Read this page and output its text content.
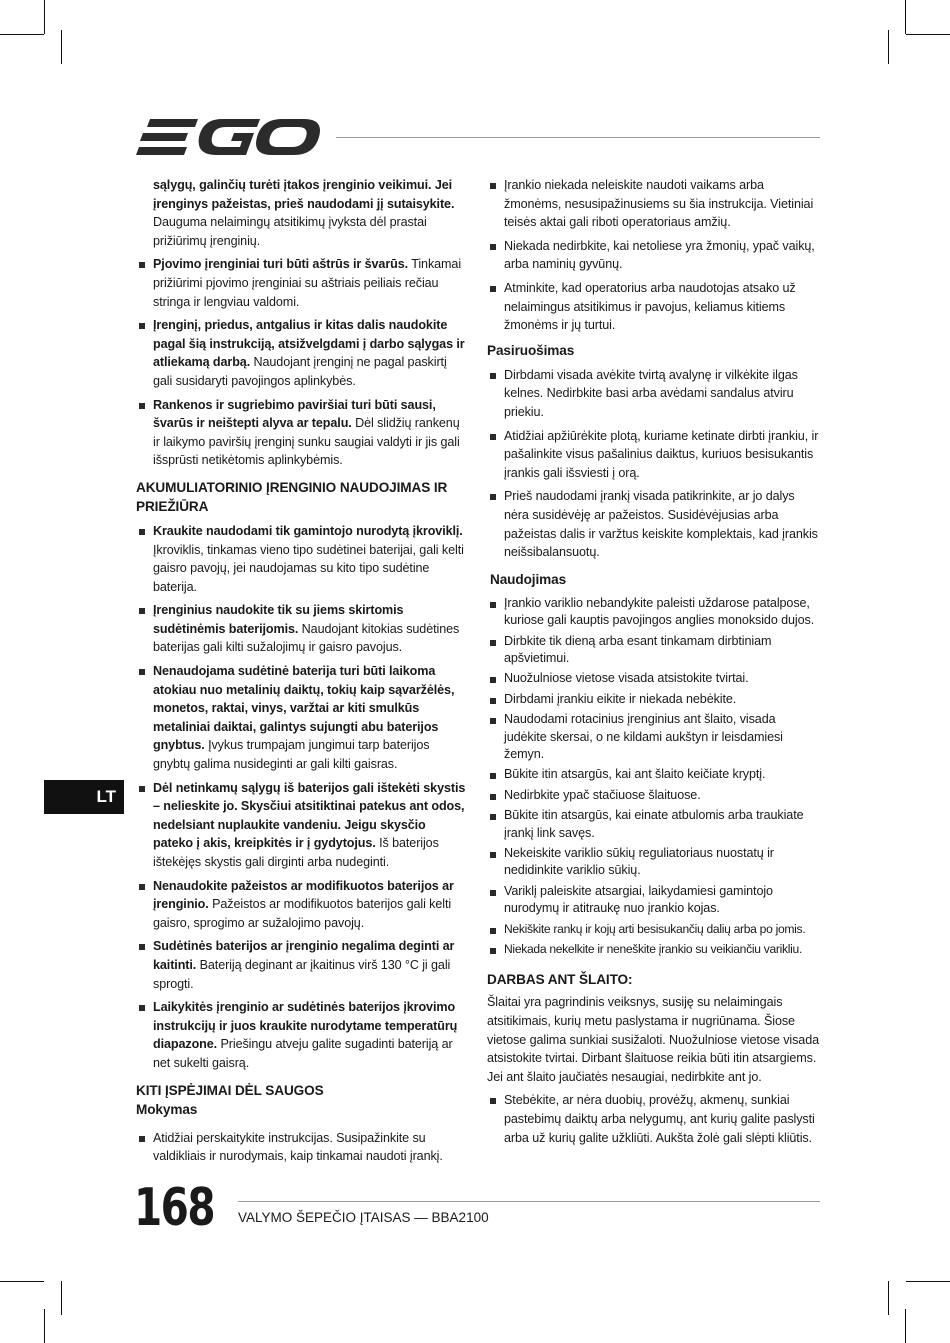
sąlygų, galinčių turėti įtakos įrenginio veikimui. Jei įrenginys pažeistas, prieš naudodami jį sutaisykite. Dauguma nelaimingų atsitikimų įvyksta dėl prastai prižiūrimų įrenginių.
Pjovimo įrenginiai turi būti aštrūs ir švarūs. Tinkamai prižiūrimi pjovimo įrenginiai su aštriais peiliais rečiau stringa ir lengviau valdomi.
Įrenginį, priedus, antgalius ir kitas dalis naudokite pagal šią instrukciją, atsižvelgdami į darbo sąlygas ir atliekamą darbą. Naudojant įrenginį ne pagal paskirtį gali susidaryti pavojingos aplinkybės.
Rankenos ir sugriebimo paviršiai turi būti sausi, švarūs ir neištepti alyva ar tepalu. Dėl slidžių rankenų ir laikymo paviršių įrenginį sunku saugiai valdyti ir jis gali išsprūsti netikėtomis aplinkybėmis.
AKUMULIATORINIO ĮRENGINIO NAUDOJIMAS IR PRIEŽIŪRA
Kraukite naudodami tik gamintojo nurodytą įkroviklį. Įkroviklis, tinkamas vieno tipo sudėtinei baterijai, gali kelti gaisro pavojų, jei naudojamas su kito tipo sudėtine baterija.
Įrenginius naudokite tik su jiems skirtomis sudėtinėmis baterijomis. Naudojant kitokias sudėtines baterijas gali kilti sužalojimų ir gaisro pavojus.
Nenaudojama sudėtinė baterija turi būti laikoma atokiau nuo metalinių daiktų, tokių kaip sąvaržėlės, monetos, raktai, vinys, varžtai ar kiti smulkūs metaliniai daiktai, galintys sujungti abu baterijos gnybtus. Įvykus trumpajam jungimui tarp baterijos gnybtų galima nusideginti ar gali kilti gaisras.
Dėl netinkamų sąlygų iš baterijos gali ištekėti skystis – nelieskite jo. Skysčiui atsitiktinai patekus ant odos, nedelsiant nuplaukite vandeniu. Jeigu skysčio pateko į akis, kreipkitės ir į gydytojus. Iš baterijos ištekėjęs skystis gali dirginti arba nudeginti.
Nenaudokite pažeistos ar modifikuotos baterijos ar įrenginio. Pažeistos ar modifikuotos baterijos gali kelti gaisro, sprogimo ar sužalojimo pavojų.
Sudėtinės baterijos ar įrenginio negalima deginti ar kaitinti. Bateriją deginant ar įkaitinus virš 130 °C ji gali sprogti.
Laikykitės įrenginio ar sudėtinės baterijos įkrovimo instrukcijų ir juos kraukite nurodytame temperatūrų diapazone. Priešingu atveju galite sugadinti bateriją ar net sukelti gaisrą.
KITI ĮSPĖJIMAI DĖL SAUGOS
Mokymas
Atidžiai perskaitykite instrukcijas. Susipažinkite su valdikliais ir nurodymais, kaip tinkamai naudoti įrankį.
Įrankio niekada neleiskite naudoti vaikams arba žmonėms, nesusipažinusiems su šia instrukcija. Vietiniai teisės aktai gali riboti operatoriaus amžių.
Niekada nedirbkite, kai netoliese yra žmonių, ypač vaikų, arba naminių gyvūnų.
Atminkite, kad operatorius arba naudotojas atsako už nelaimingus atsitikimus ir pavojus, keliamus kitiems žmonėms ir jų turtui.
Pasiruošimas
Dirbdami visada avėkite tvirtą avalynę ir vilkėkite ilgas kelnes. Nedirbkite basi arba avėdami sandalus atviru priekiu.
Atidžiai apžiūrėkite plotą, kuriame ketinate dirbti įrankiu, ir pašalinkite visus pašalinius daiktus, kuriuos besisukantis įrankis gali išsviesti į orą.
Prieš naudodami įrankį visada patikrinkite, ar jo dalys nėra susidėvėję ar pažeistos. Susidėvėjusias arba pažeistas dalis ir varžtus keiskite komplektais, kad įrankis neišsibalansuotų.
Naudojimas
Įrankio variklio nebandykite paleisti uždarose patalpose, kuriose gali kauptis pavojingos anglies monoksido dujos.
Dirbkite tik dieną arba esant tinkamam dirbtiniam apšvietimui.
Nuožulniose vietose visada atsistokite tvirtai.
Dirbdami įrankiu eikite ir niekada nebėkite.
Naudodami rotacinius įrenginius ant šlaito, visada judėkite skersai, o ne kildami aukštyn ir leisdamiesi žemyn.
Būkite itin atsargūs, kai ant šlaito keičiate kryptį.
Nedirbkite ypač stačiuose šlaituose.
Būkite itin atsargūs, kai einate atbulomis arba traukiate įrankį link savęs.
Nekeiskite variklio sūkių reguliatoriaus nuostatų ir nedidinkite variklio sūkių.
Variklį paleiskite atsargiai, laikydamiesi gamintojo nurodymų ir atitraukę nuo įrankio kojas.
Nekiškite rankų ir kojų arti besisukančių dalių arba po jomis.
Niekada nekelkite ir neneškite įrankio su veikiančiu varikliu.
DARBAS ANT ŠLAITO:
Šlaitai yra pagrindinis veiksnys, susiję su nelaimingais atsitikimais, kurių metu paslystama ir nugriūnama. Šiose vietose galima sunkiai susižaloti. Nuožulniose vietose visada atsistokite tvirtai. Dirbant šlaituose reikia būti itin atsargiems. Jei ant šlaito jaučiatės nesaugiai, nedirbkite ant jo.
Stebėkite, ar nėra duobių, provėžų, akmenų, sunkiai pastebimų daiktų arba nelygumų, ant kurių galite paslysti arba už kurių galite užkliūti. Aukšta žolė gali slėpti kliūtis.
LT
168 VALYMO ŠEPEČIO ĮTAISAS — BBA2100
